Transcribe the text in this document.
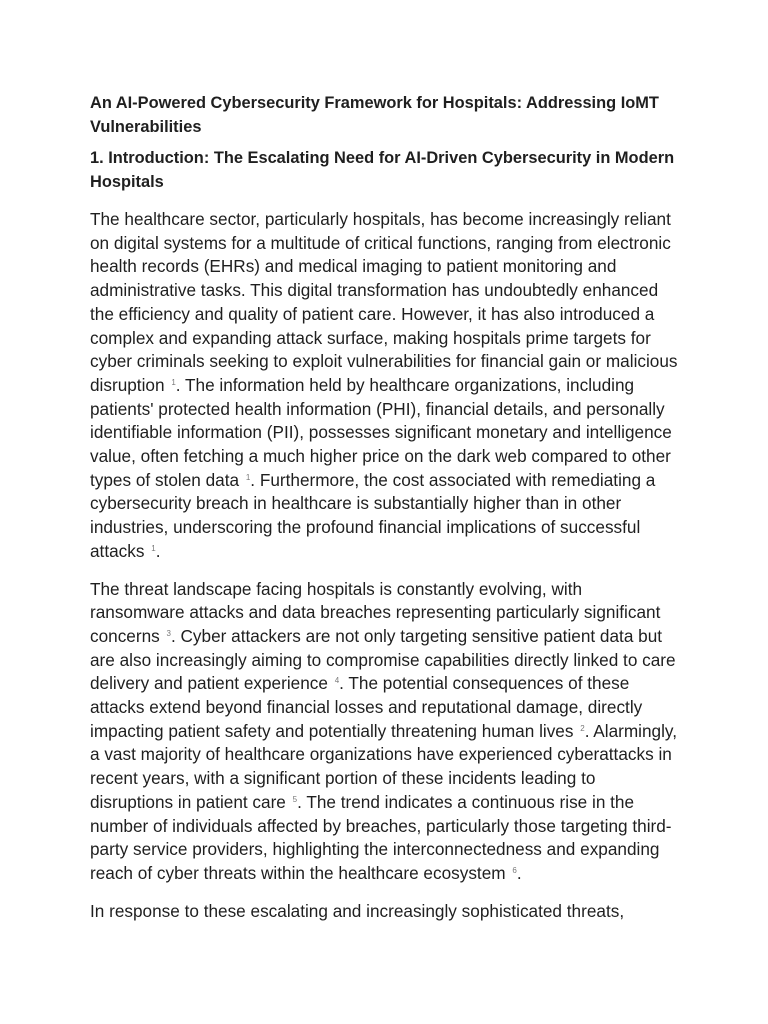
An AI-Powered Cybersecurity Framework for Hospitals: Addressing IoMT Vulnerabilities
1. Introduction: The Escalating Need for AI-Driven Cybersecurity in Modern Hospitals

The healthcare sector, particularly hospitals, has become increasingly reliant on digital systems for a multitude of critical functions, ranging from electronic health records (EHRs) and medical imaging to patient monitoring and administrative tasks. This digital transformation has undoubtedly enhanced the efficiency and quality of patient care. However, it has also introduced a complex and expanding attack surface, making hospitals prime targets for cyber criminals seeking to exploit vulnerabilities for financial gain or malicious disruption $^1$. The information held by healthcare organizations, including patients' protected health information (PHI), financial details, and personally identifiable information (PII), possesses significant monetary and intelligence value, often fetching a much higher price on the dark web compared to other types of stolen data $^1$. Furthermore, the cost associated with remediating a cybersecurity breach in healthcare is substantially higher than in other industries, underscoring the profound financial implications of successful attacks $^1$.

The threat landscape facing hospitals is constantly evolving, with ransomware attacks and data breaches representing particularly significant concerns $^3$. Cyber attackers are not only targeting sensitive patient data but are also increasingly aiming to compromise capabilities directly linked to care delivery and patient experience $^4$. The potential consequences of these attacks extend beyond financial losses and reputational damage, directly impacting patient safety and potentially threatening human lives $^2$. Alarmingly, a vast majority of healthcare organizations have experienced cyberattacks in recent years, with a significant portion of these incidents leading to disruptions in patient care $^5$. The trend indicates a continuous rise in the number of individuals affected by breaches, particularly those targeting third-party service providers, highlighting the interconnectedness and expanding reach of cyber threats within the healthcare ecosystem $^6$.

In response to these escalating and increasingly sophisticated threats,
